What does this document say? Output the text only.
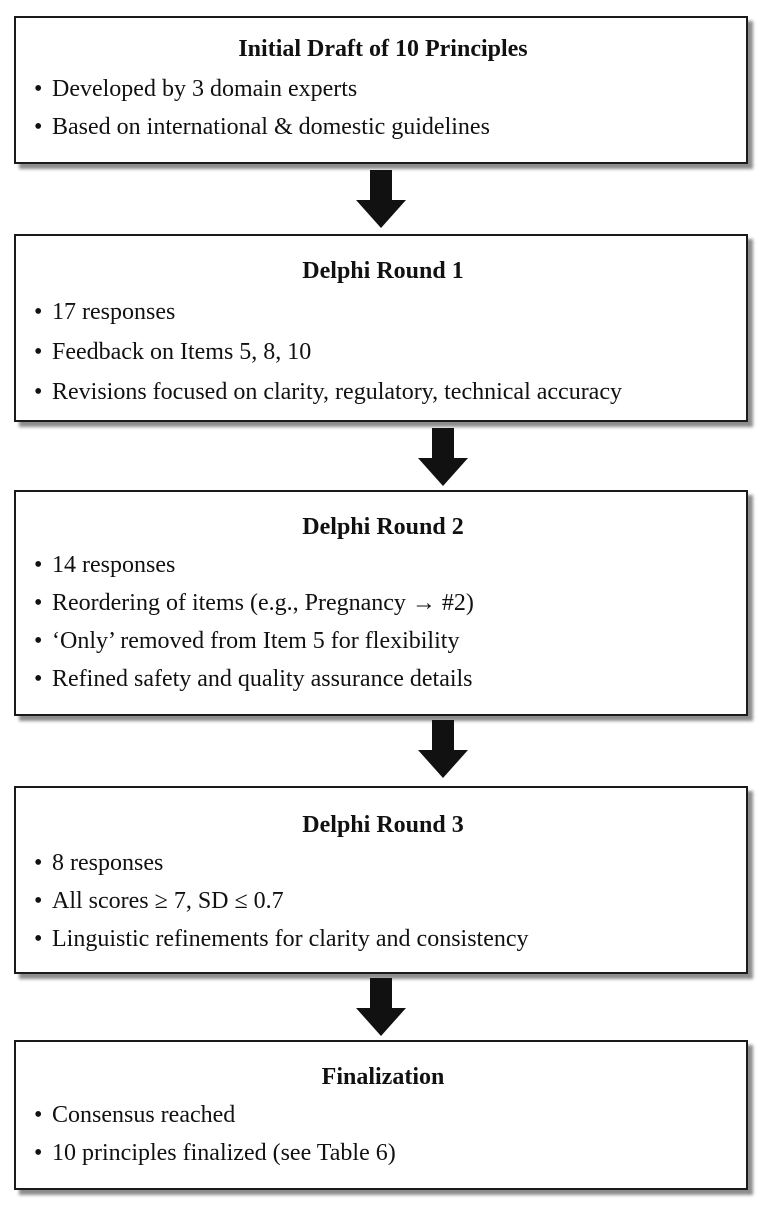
Initial Draft of 10 Principles
• Developed by 3 domain experts
• Based on international & domestic guidelines
Delphi Round 1
• 17 responses
• Feedback on Items 5, 8, 10
• Revisions focused on clarity, regulatory, technical accuracy
Delphi Round 2
• 14 responses
• Reordering of items (e.g., Pregnancy → #2)
• ‘Only’ removed from Item 5 for flexibility
• Refined safety and quality assurance details
Delphi Round 3
• 8 responses
• All scores ≥ 7, SD ≤ 0.7
• Linguistic refinements for clarity and consistency
Finalization
• Consensus reached
• 10 principles finalized (see Table 6)
